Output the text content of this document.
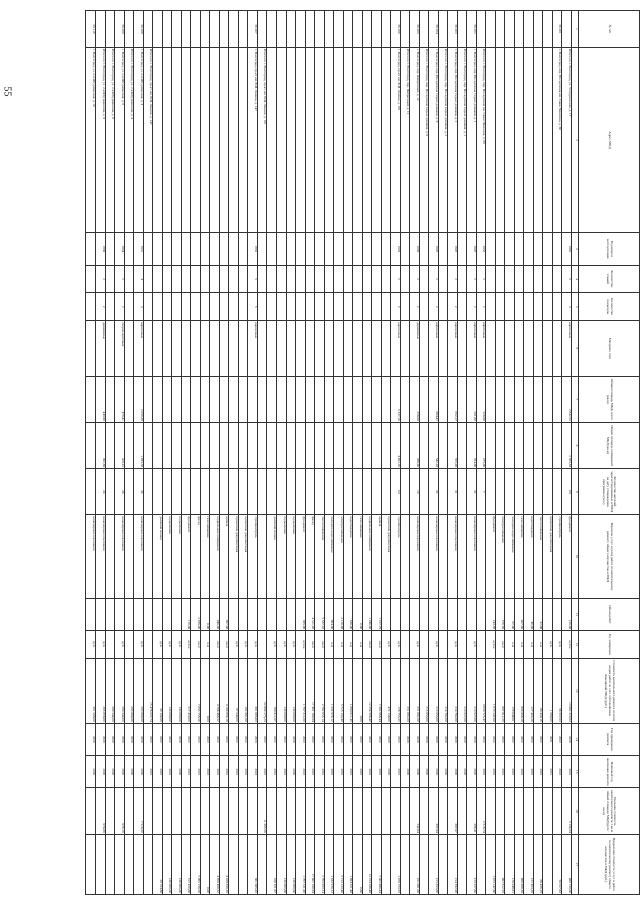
55
№ п/п	Адрес МКД	Год ввода в эксплуатацию	Количество этажей	Количество подъездов	Материал стен	Общая площадь МКД, всего (кв.м)	Общая площадь помещений МКД (кв.м)	Количество жителей, зарегистрированных в МКД на дату утверждения программы (чел.)	Перечень услуг и (или) работ по капитальному ремонту общего имущества в МКД	Объем работ	Ед. измерения	Стоимость капитального ремонта по всем видам работ за счет собственников помещений МКД (руб.)	Год проведения ремонта	Плановый год окончания ремонта	Удельная стоимость капитального ремонта 1 кв.м общей площади МКД (руб./кв.м)	Предельная стоимость услуг и работ по капитальному ремонту общего имущества в МКД (руб.)
1	2	3	4	5	6	7	8	9	10	11	12	13	14	15	16	17
	Итого по г. Волгоград, ул. Углеуральская, д. 17	1962	5	3	кирпичные	2 842,53	2 565,83	110	фундамент	210,00	куб.м	13 802 329,83	2020	2022	5 194,54	488 730,00
56.101	г. Волгоград, пер. Посадочная им. Саши Чекалина, д. 60								стройконтроль		руб.	58 557,63	2022	2022		58 557,63
									проектная документация		руб.	1 990,00	2021	2021		
									теплоснабжение	32,00	п.м	66 436,16	2022	2022		66 436,16
									водоотведение	40,00	п.м	127 493,20	2022	2022		127 493,20
									газоснабжение	407,00	п.м	890 898,58	2022	2022		890 898,58
									холодное водоснабжение	67,00	п.м	170 048,01	2022	2022		170 048,01
									электроснабжение	570,56	кв.м	667 812,29	2022	2022		667 812,29
									фундамент	243,36	куб.м	1 073 247,60	2022	2022		1 073 247,60
	Итого по г. Волгоград, пер. Посадочная им. Саши Чекалина, д. 60	1953	2	2	кирпичные	526,00	275,00	7				3 056 725,47	2022	2022	2 516,74	
56.102	г. Волгоград, пер. Посадочная Серых домиков, д. 1	1947	2	2	кирпичные	591,00	354,80	32	инженерные изыскания		руб.	219 927,00	2020	2020	396,41	219 927,00
	Итого по г. Волгоград, пер. Посадочная Серых домиков, д. 1											219 927,00	2020	2020		
56.103	г. Волгоград, пер. Посадочная Серых домиков, д. 2	1947	2	2	кирпичные	652,17	555,00	31	инженерные изыскания		руб.	214 782,00	2020	2020	387,97	214 782,00
	Итого по г. Волгоград, пер. Посадочная Серых домиков, д. 2											214 782,00	2020	2020		
56.104	г. Волгоград, пер. Посадочная Серых домиков, д. 6	1947	2	2	кирпичные	684,41	542,43	32	инженерные изыскания		руб.	215 853,00	2020	2020	397,94	215 853,00
	Итого по г. Волгоград, пер. Посадочная Серых домиков, д. 6											215 853,00	2020	2020		
56.105	г. Волгоград, пер. Фабричный, д. 12	1956	2	2	деревянные	356,00	338,00	16	инженерные изыскания		руб.	251 081,00	2020	2020	742,84	251 081,00
	Итого по г. Волгоград, пер. Фабричный, д. 12											251 081,00	2020	2020		
56.106	г. Волгоград, пр-кт им. В.И. Ленина, д. 101	1953	5	5	кирпичные	5 337,10	4 602,20	121	стройконтроль		руб.	178 753,35	2022	2022		1 078 753,35
									проектная документация		руб.	472 138,00	2020	2020		
									кровля	1 577,79	кв.м	7 302 668,44	2022	2022		7 302 668,44
									подвальные помещения	1 240,00	кв.м	12 254 596,40	2022	2022		12 254 596,40
									газоснабжение	0,00	п.м	0,00	2022	2022		0,00
									водоотведение	530,00	п.м	1 694 611,40	2022	2022		1 694 611,40
									электроснабжение	2 110,00	п.м	5 713 133,40	2022	2022		5 713 133,40
									холодное водоснабжение	664,00	п.м	1 532 970,12	2022	2022		1 532 970,12
									теплоснабжение	5 537,10	кв.м	2 702 053,14	2022	2022		2 702 053,14
									фасад	4 511,20	кв.м	17 461 160,94	2022	2022		17 461 160,94
									фундамент	385,00	куб.м	1 767 311,00	2022	2022		1 767 311,00
									подъемники		руб.	130 000,00	2020	2020		130 000,00
									подъемники		руб.	130 000,00	2022	2022		130 000,00
									дымовой кольцо		руб.	100 811,07	2022	2022		100 811,07
	Итого по г. Волгоград, пр-кт им. В.И. Ленина, д. 101											52 889 275,23	2022	2022	11 305,56	
56.107	г. Волгоград, пр-кт им. В.И. Ленина, д. 147	1953	5	5	кирпичные				стройконтроль		руб.	301 685,03	2023	2023		301 685,03
									проектная документация		руб.	102 961,00	2022	2022		
									проектная документация		руб.	87 940,00	2022	2022		
									кровля	897,00	кв.м	4 108 859,16	2022	2022		4 108 859,16
									подвальные помещения	946,00	кв.м	4 708 468,52	2022	2022		4 708 468,52
									газоснабжение	0,00	п.м	0,00	2022	2022		0,00
									фасад	2 056,00	кв.м	7 065 758,56	2022	2022		7 065 758,56
									фундамент	110,00	куб.м	517 450,00	2022	2022		517 450,00
									подъемники		руб.	130 000,00	2020	2020		130 000,00
									подъемники		руб.	130 000,00	2022	2022		130 000,00
									дымовой кольцо		руб.	29 194,66	2022	2022		29 194,66
	Итого по г. Волгоград, пр-кт им. В.И. Ленина, д. 147											15 478 937,74	2022	2022		
56.108	г. Волгоград, ул. 2-я Штурманская, д. 4	1951	4	3	кирпичные	2 059,30	1 995,30	36	инженерные изыскания		руб.	265 884,00	2020	2020	7 516,39	
	Итого по г. Волгоград, ул. 2-я Штурманская, д. 4											265 884,00	2020	2020		
56.109	г. Волгоград, ул. 2-я Штурманская, д. 6	1954	2	2	сборно-щитовые	470,41	416,41	28	инженерные изыскания		руб.	260 344,00	2020	2020	629,19	
	Итого по г. Волгоград, ул. 2-я Штурманская, д. 6											260 344,00	2020	2020		
	Итого по г. Волгоград, ул. 2-я Штурманская, д. 8	1956	2	2	деревянные	449,60	392,69	24	инженерные изыскания		руб.	265 856,00	2020	2020	674,08	
56.110	г. Волгоград, ул. 2-я Штурманская, д. 10								инженерные изыскания		руб.	201 508,00	2020	2020		
